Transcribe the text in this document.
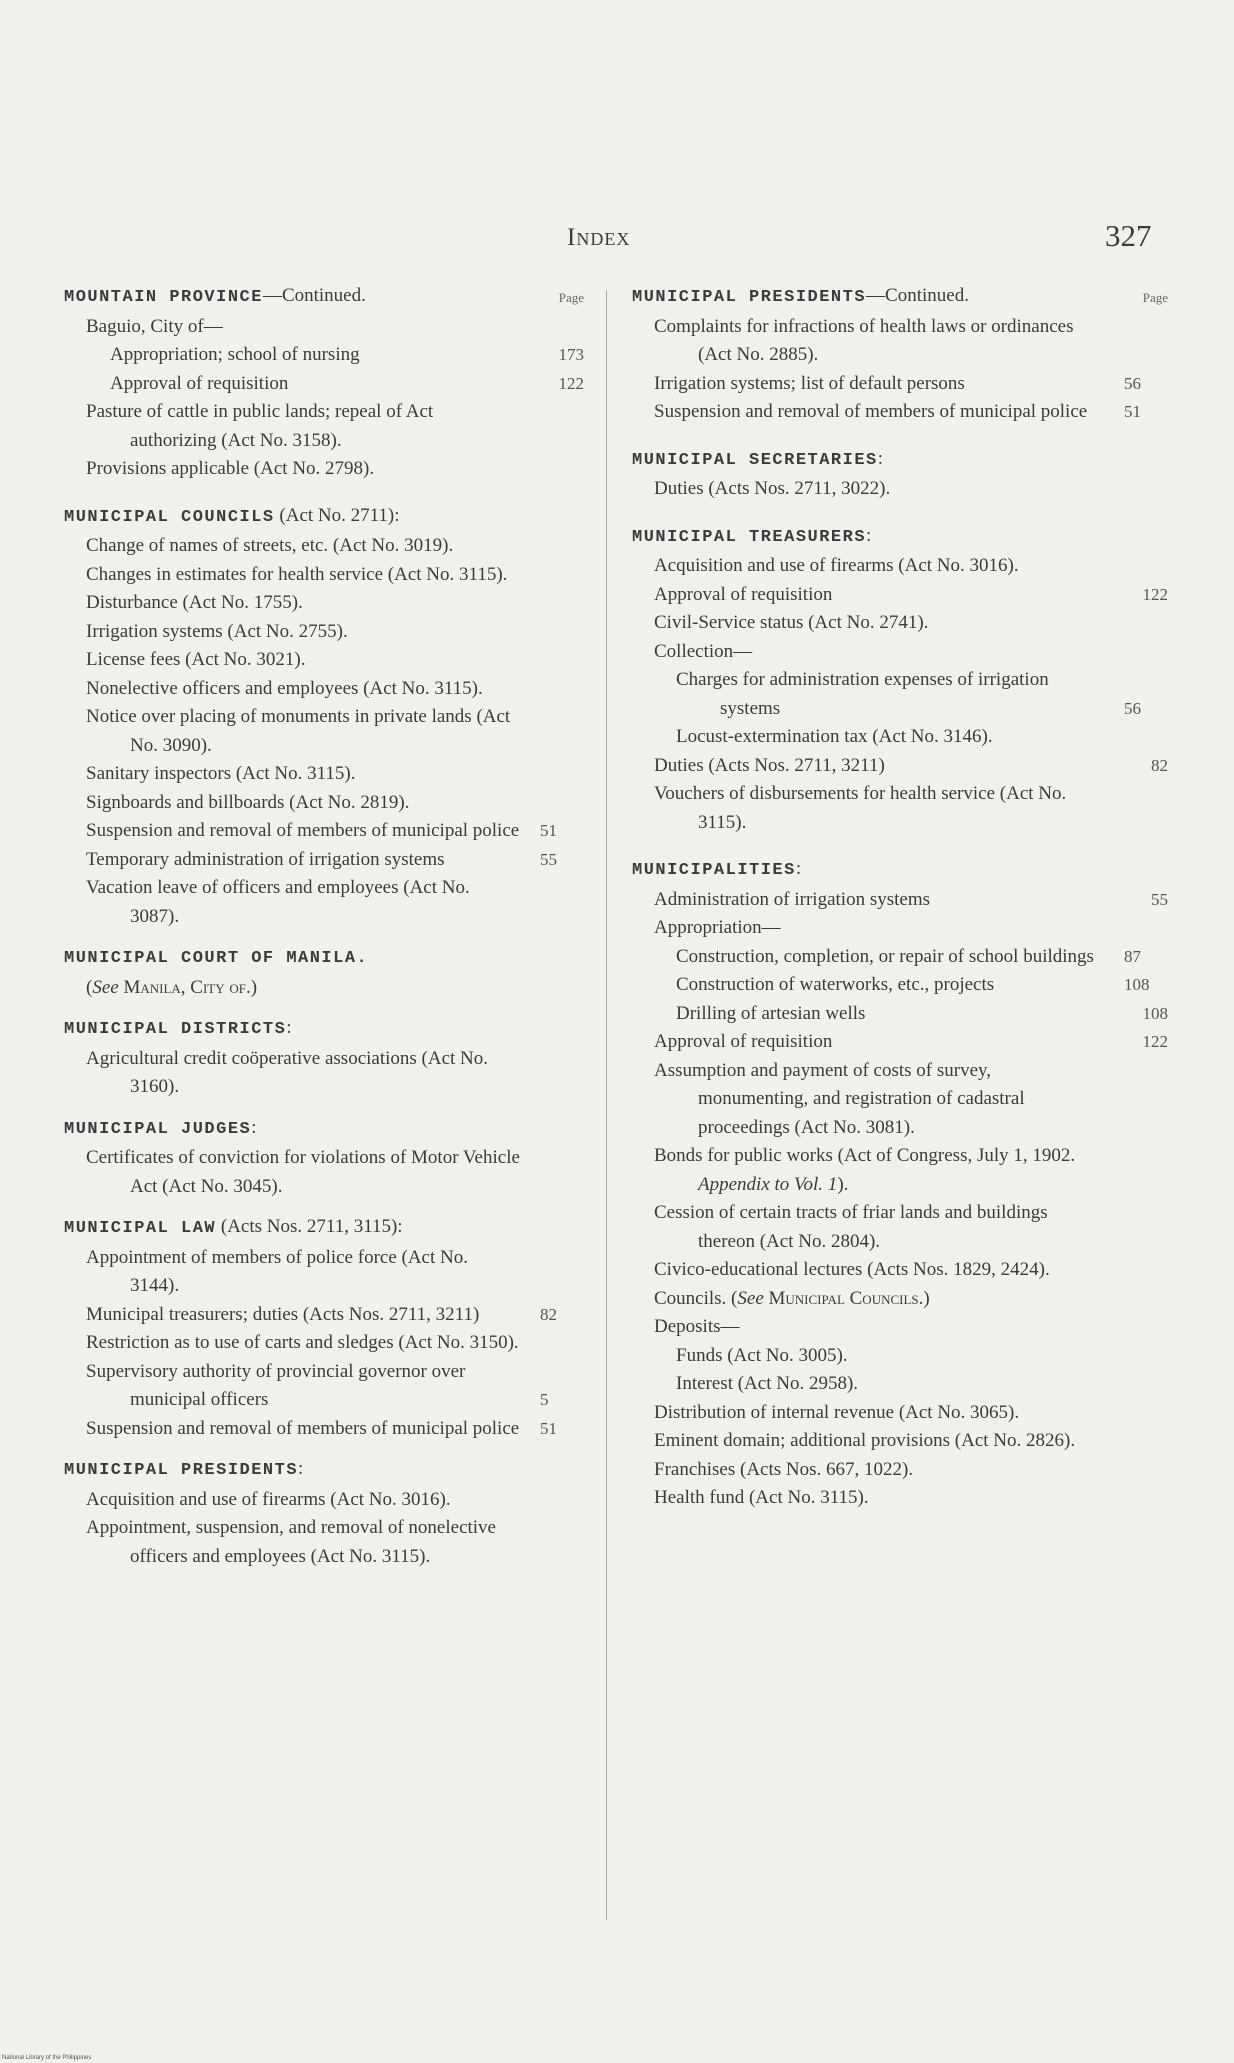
Index	327
MOUNTAIN PROVINCE—Continued.	Page
Baguio, City of—
Appropriation; school of nursing	173
Approval of requisition	122
Pasture of cattle in public lands; repeal of Act authorizing (Act No. 3158).
Provisions applicable (Act No. 2798).
MUNICIPAL COUNCILS (Act No. 2711):
Change of names of streets, etc. (Act No. 3019).
Changes in estimates for health service (Act No. 3115).
Disturbance (Act No. 1755).
Irrigation systems (Act No. 2755).
License fees (Act No. 3021).
Nonelective officers and employees (Act No. 3115).
Notice over placing of monuments in private lands (Act No. 3090).
Sanitary inspectors (Act No. 3115).
Signboards and billboards (Act No. 2819).
Suspension and removal of members of municipal police 51
Temporary administration of irrigation systems	55
Vacation leave of officers and employees (Act No. 3087).
MUNICIPAL COURT OF MANILA.
(See Manila, City of.)
MUNICIPAL DISTRICTS:
Agricultural credit coöperative associations (Act No. 3160).
MUNICIPAL JUDGES:
Certificates of conviction for violations of Motor Vehicle Act (Act No. 3045).
MUNICIPAL LAW (Acts Nos. 2711, 3115):
Appointment of members of police force (Act No. 3144).
Municipal treasurers; duties (Acts Nos. 2711, 3211)	82
Restriction as to use of carts and sledges (Act No. 3150).
Supervisory authority of provincial governor over municipal officers	5
Suspension and removal of members of municipal police 51
MUNICIPAL PRESIDENTS:
Acquisition and use of firearms (Act No. 3016).
Appointment, suspension, and removal of nonelective officers and employees (Act No. 3115).
MUNICIPAL PRESIDENTS—Continued.	Page
Complaints for infractions of health laws or ordinances (Act No. 2885).
Irrigation systems; list of default persons	56
Suspension and removal of members of municipal police	51
MUNICIPAL SECRETARIES:
Duties (Acts Nos. 2711, 3022).
MUNICIPAL TREASURERS:
Acquisition and use of firearms (Act No. 3016).
Approval of requisition	122
Civil-Service status (Act No. 2741).
Collection—
Charges for administration expenses of irrigation systems	56
Locust-extermination tax (Act No. 3146).
Duties (Acts Nos. 2711, 3211)	82
Vouchers of disbursements for health service (Act No. 3115).
MUNICIPALITIES:
Administration of irrigation systems	55
Appropriation—
Construction, completion, or repair of school buildings	87
Construction of waterworks, etc., projects	108
Drilling of artesian wells	108
Approval of requisition	122
Assumption and payment of costs of survey, monumenting, and registration of cadastral proceedings (Act No. 3081).
Bonds for public works (Act of Congress, July 1, 1902. Appendix to Vol. 1).
Cession of certain tracts of friar lands and buildings thereon (Act No. 2804).
Civico-educational lectures (Acts Nos. 1829, 2424).
Councils. (See Municipal Councils.)
Deposits—
Funds (Act No. 3005).
Interest (Act No. 2958).
Distribution of internal revenue (Act No. 3065).
Eminent domain; additional provisions (Act No. 2826).
Franchises (Acts Nos. 667, 1022).
Health fund (Act No. 3115).
National Library of the Philippines
